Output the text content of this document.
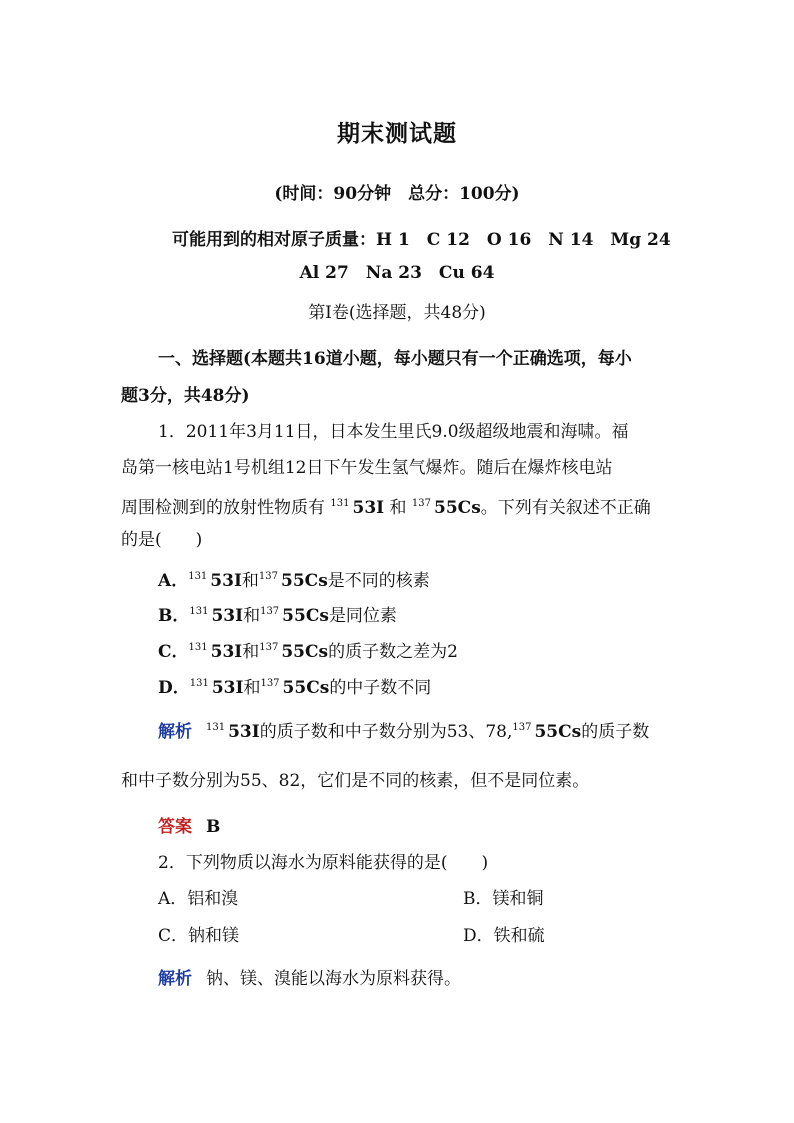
期末测试题
(时间：90分钟　总分：100分)
可能用到的相对原子质量：H 1　C 12　O 16　N 14　Mg 24
Al 27　Na 23　Cu 64
第Ⅰ卷(选择题，共48分)
一、选择题(本题共16道小题，每小题只有一个正确选项，每小
题3分，共48分)
1．2011年3月11日，日本发生里氏9.0级超级地震和海啸。福
岛第一核电站1号机组12日下午发生氢气爆炸。随后在爆炸核电站
周围检测到的放射性物质有 $^{131}$ 53I 和 $^{137}$ 55Cs。下列有关叙述不正确
的是(　　)
A．$^{131}$ 53I和$^{137}$ 55Cs是不同的核素
B．$^{131}$ 53I和$^{137}$ 55Cs是同位素
C．$^{131}$ 53I和$^{137}$ 55Cs的质子数之差为2
D．$^{131}$ 53I和$^{137}$ 55Cs的中子数不同
解析 $^{131}$ 53I的质子数和中子数分别为53、78,$^{137}$ 55Cs的质子数
和中子数分别为55、82，它们是不同的核素，但不是同位素。
答案 B
2．下列物质以海水为原料能获得的是(　　)
A．铝和溴	B．镁和铜
C．钠和镁	D．铁和硫
解析 钠、镁、溴能以海水为原料获得。
